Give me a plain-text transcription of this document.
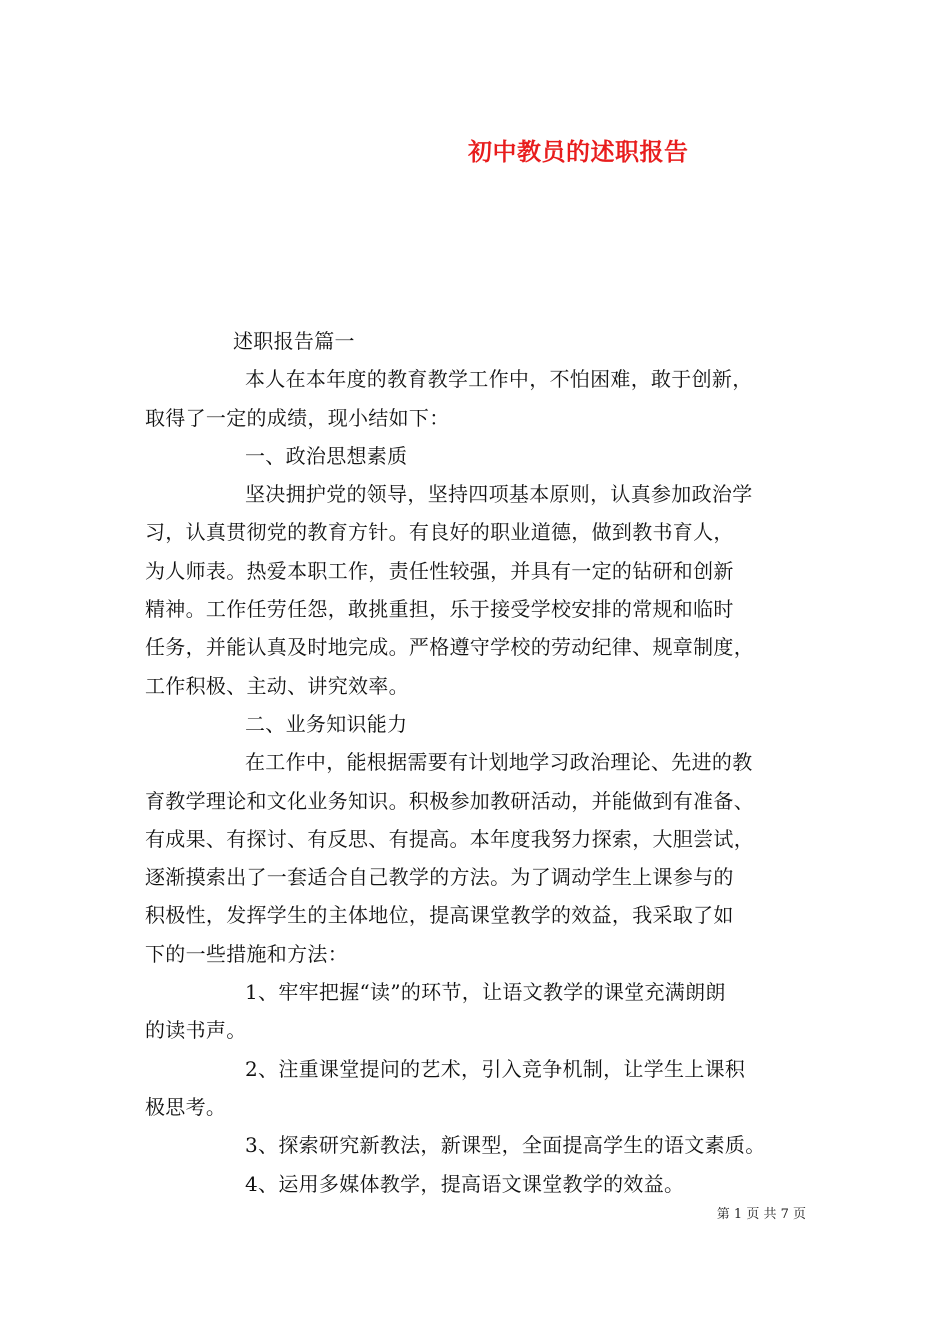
初中教员的述职报告
述职报告篇一
本人在本年度的教育教学工作中，不怕困难，敢于创新，
取得了一定的成绩，现小结如下：
一、政治思想素质
坚决拥护党的领导，坚持四项基本原则，认真参加政治学
习，认真贯彻党的教育方针。有良好的职业道德，做到教书育人，
为人师表。热爱本职工作，责任性较强，并具有一定的钻研和创新
精神。工作任劳任怨，敢挑重担，乐于接受学校安排的常规和临时
任务，并能认真及时地完成。严格遵守学校的劳动纪律、规章制度，
工作积极、主动、讲究效率。
二、业务知识能力
在工作中，能根据需要有计划地学习政治理论、先进的教
育教学理论和文化业务知识。积极参加教研活动，并能做到有准备、
有成果、有探讨、有反思、有提高。本年度我努力探索，大胆尝试，
逐渐摸索出了一套适合自己教学的方法。为了调动学生上课参与的
积极性，发挥学生的主体地位，提高课堂教学的效益，我采取了如
下的一些措施和方法：
1、牢牢把握“读”的环节，让语文教学的课堂充满朗朗
的读书声。
2、注重课堂提问的艺术，引入竞争机制，让学生上课积
极思考。
3、探索研究新教法，新课型，全面提高学生的语文素质。
4、运用多媒体教学，提高语文课堂教学的效益。
第 1 页 共 7 页
